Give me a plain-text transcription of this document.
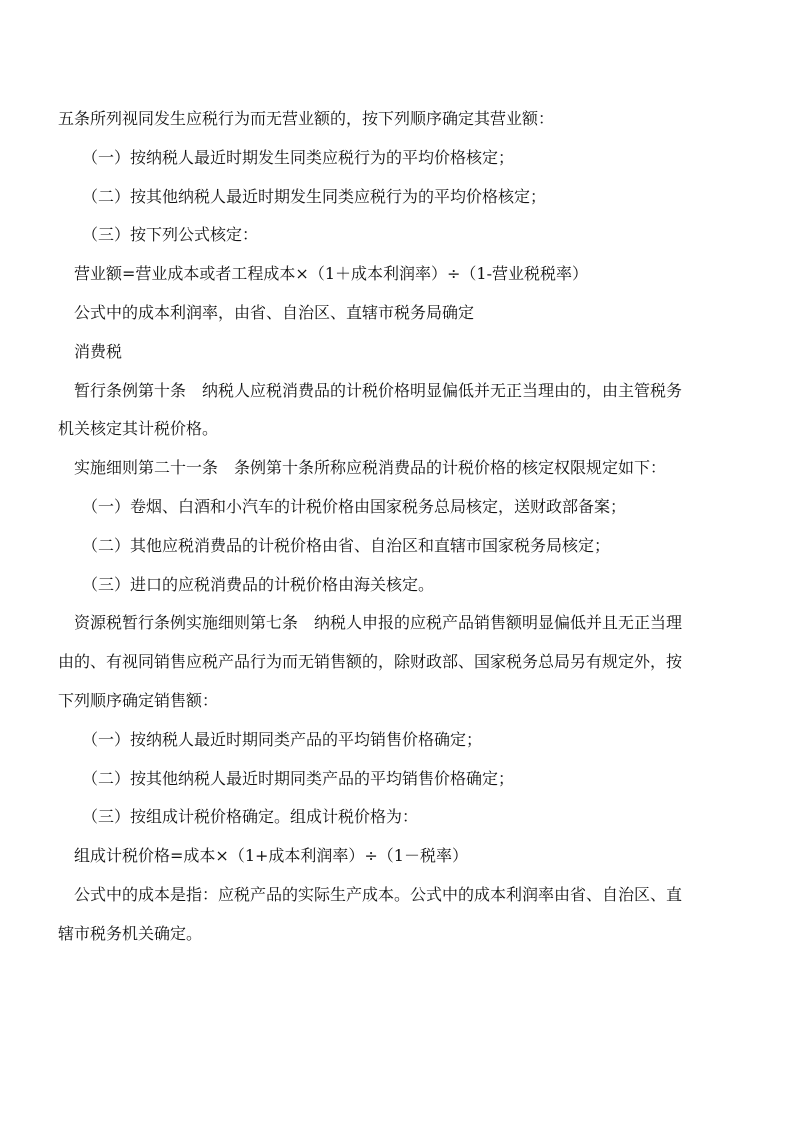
五条所列视同发生应税行为而无营业额的，按下列顺序确定其营业额：

（一）按纳税人最近时期发生同类应税行为的平均价格核定；

（二）按其他纳税人最近时期发生同类应税行为的平均价格核定；

（三）按下列公式核定：

营业额=营业成本或者工程成本×（1＋成本利润率）÷（1-营业税税率）

公式中的成本利润率，由省、自治区、直辖市税务局确定

消费税

暂行条例第十条　纳税人应税消费品的计税价格明显偏低并无正当理由的，由主管税务

机关核定其计税价格。

实施细则第二十一条　条例第十条所称应税消费品的计税价格的核定权限规定如下：

（一）卷烟、白酒和小汽车的计税价格由国家税务总局核定，送财政部备案；

（二）其他应税消费品的计税价格由省、自治区和直辖市国家税务局核定；

（三）进口的应税消费品的计税价格由海关核定。

资源税暂行条例实施细则第七条　纳税人申报的应税产品销售额明显偏低并且无正当理

由的、有视同销售应税产品行为而无销售额的，除财政部、国家税务总局另有规定外，按

下列顺序确定销售额：

（一）按纳税人最近时期同类产品的平均销售价格确定；

（二）按其他纳税人最近时期同类产品的平均销售价格确定；

（三）按组成计税价格确定。组成计税价格为：

组成计税价格=成本×（1+成本利润率）÷（1－税率）

公式中的成本是指：应税产品的实际生产成本。公式中的成本利润率由省、自治区、直

辖市税务机关确定。
